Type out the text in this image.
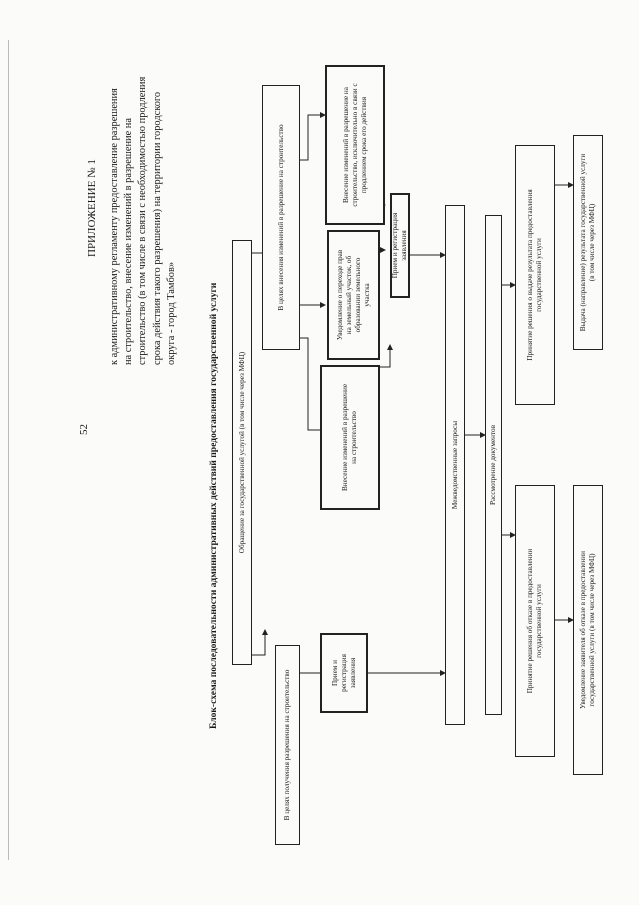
52
ПРИЛОЖЕНИЕ № 1 к административному регламенту предоставление разрешения на строительство, внесение изменений в разрешение на строительство (в том числе в связи с необходимостью продления срока действия такого разрешения) на территории городского округа - город Тамбов»	Блок-схема последовательности административных действий предоставления государственной услуги	Обращение за государственной услугой (в том числе через МФЦ)
В целях получения разрешения на строительство
В целях внесения изменений в разрешение на строительство
Прием и
регистрация
заявления
Внесение изменений в разрешение
на строительство
Уведомление о переходе прав
на земельный участок, об
образовании земельного
участка
Внесение изменений в разрешение на
строительство, исключительно в связи с
продлением срока его действия
Прием и регистрация заявления
Межведомственные запросы	Рассмотрение документов
Принятие решения об отказе в предоставлении
государственной услуги
Принятие решения о выдаче результата предоставления
государственной услуги
Уведомление заявителя об отказе в предоставлении
государственной услуги (в том числе через МФЦ)
Выдача (направление) результата государственной услуги
(в том числе через МФЦ)
